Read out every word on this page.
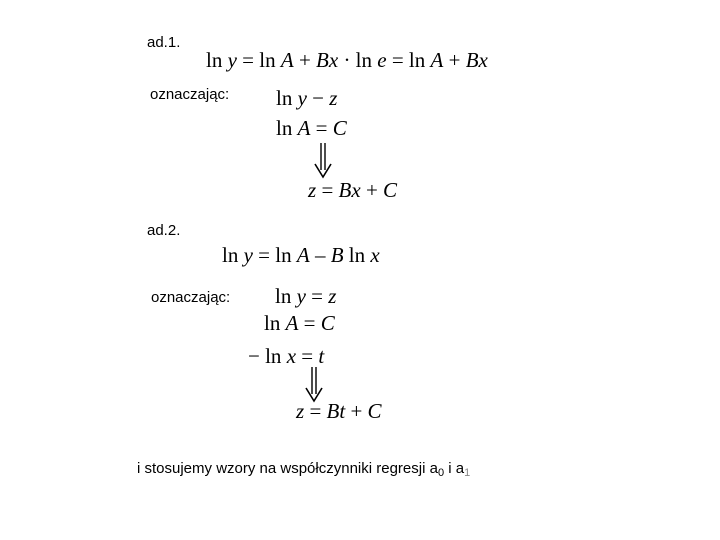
ad.1.
ln y = ln A + Bx · ln e = ln A + Bx
oznaczając: ln y − z
ln A = C
z = Bx + C
ad.2.
ln y = ln A – B ln x
oznaczając: ln y = z
ln A = C
− ln x = t
z = Bt + C
i stosujemy wzory na współczynniki regresji $a_0$ i $a_1$
